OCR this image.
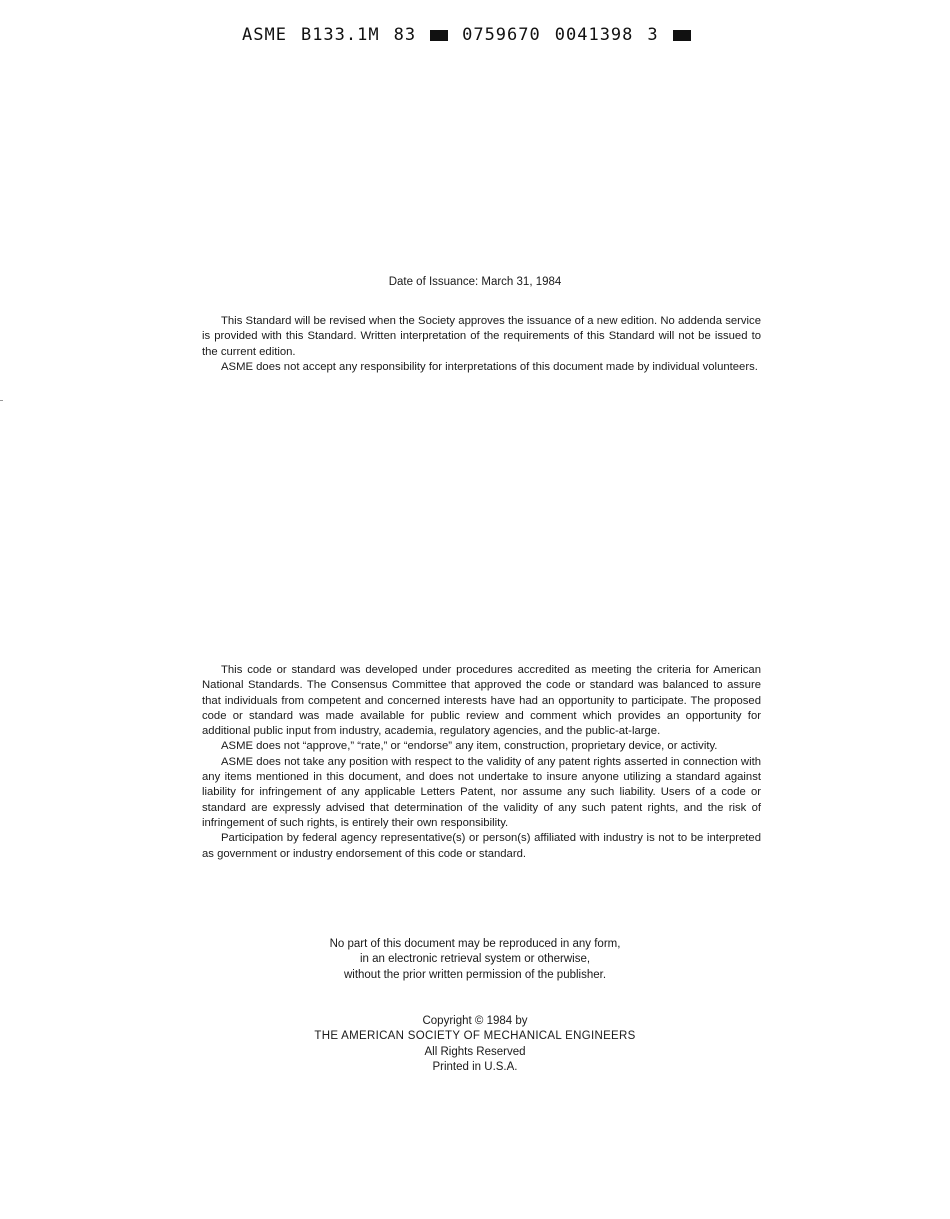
ASME B133.1M 83	0759670 0041398 3
Date of Issuance: March 31, 1984

This Standard will be revised when the Society approves the issuance of a new edition. No addenda service is provided with this Standard. Written interpretation of the requirements of this Standard will not be issued to the current edition.

ASME does not accept any responsibility for interpretations of this document made by individual volunteers.

This code or standard was developed under procedures accredited as meeting the criteria for American National Standards. The Consensus Committee that approved the code or standard was balanced to assure that individuals from competent and concerned interests have had an opportunity to participate. The proposed code or standard was made available for public review and comment which provides an opportunity for additional public input from industry, academia, regulatory agencies, and the public-at-large.

ASME does not “approve,” “rate,” or “endorse” any item, construction, proprietary device, or activity.

ASME does not take any position with respect to the validity of any patent rights asserted in connection with any items mentioned in this document, and does not undertake to insure anyone utilizing a standard against liability for infringement of any applicable Letters Patent, nor assume any such liability. Users of a code or standard are expressly advised that determination of the validity of any such patent rights, and the risk of infringement of such rights, is entirely their own responsibility.

Participation by federal agency representative(s) or person(s) affiliated with industry is not to be interpreted as government or industry endorsement of this code or standard.

No part of this document may be reproduced in any form,
in an electronic retrieval system or otherwise,
without the prior written permission of the publisher.
Copyright © 1984 by
THE AMERICAN SOCIETY OF MECHANICAL ENGINEERS
All Rights Reserved
Printed in U.S.A.
